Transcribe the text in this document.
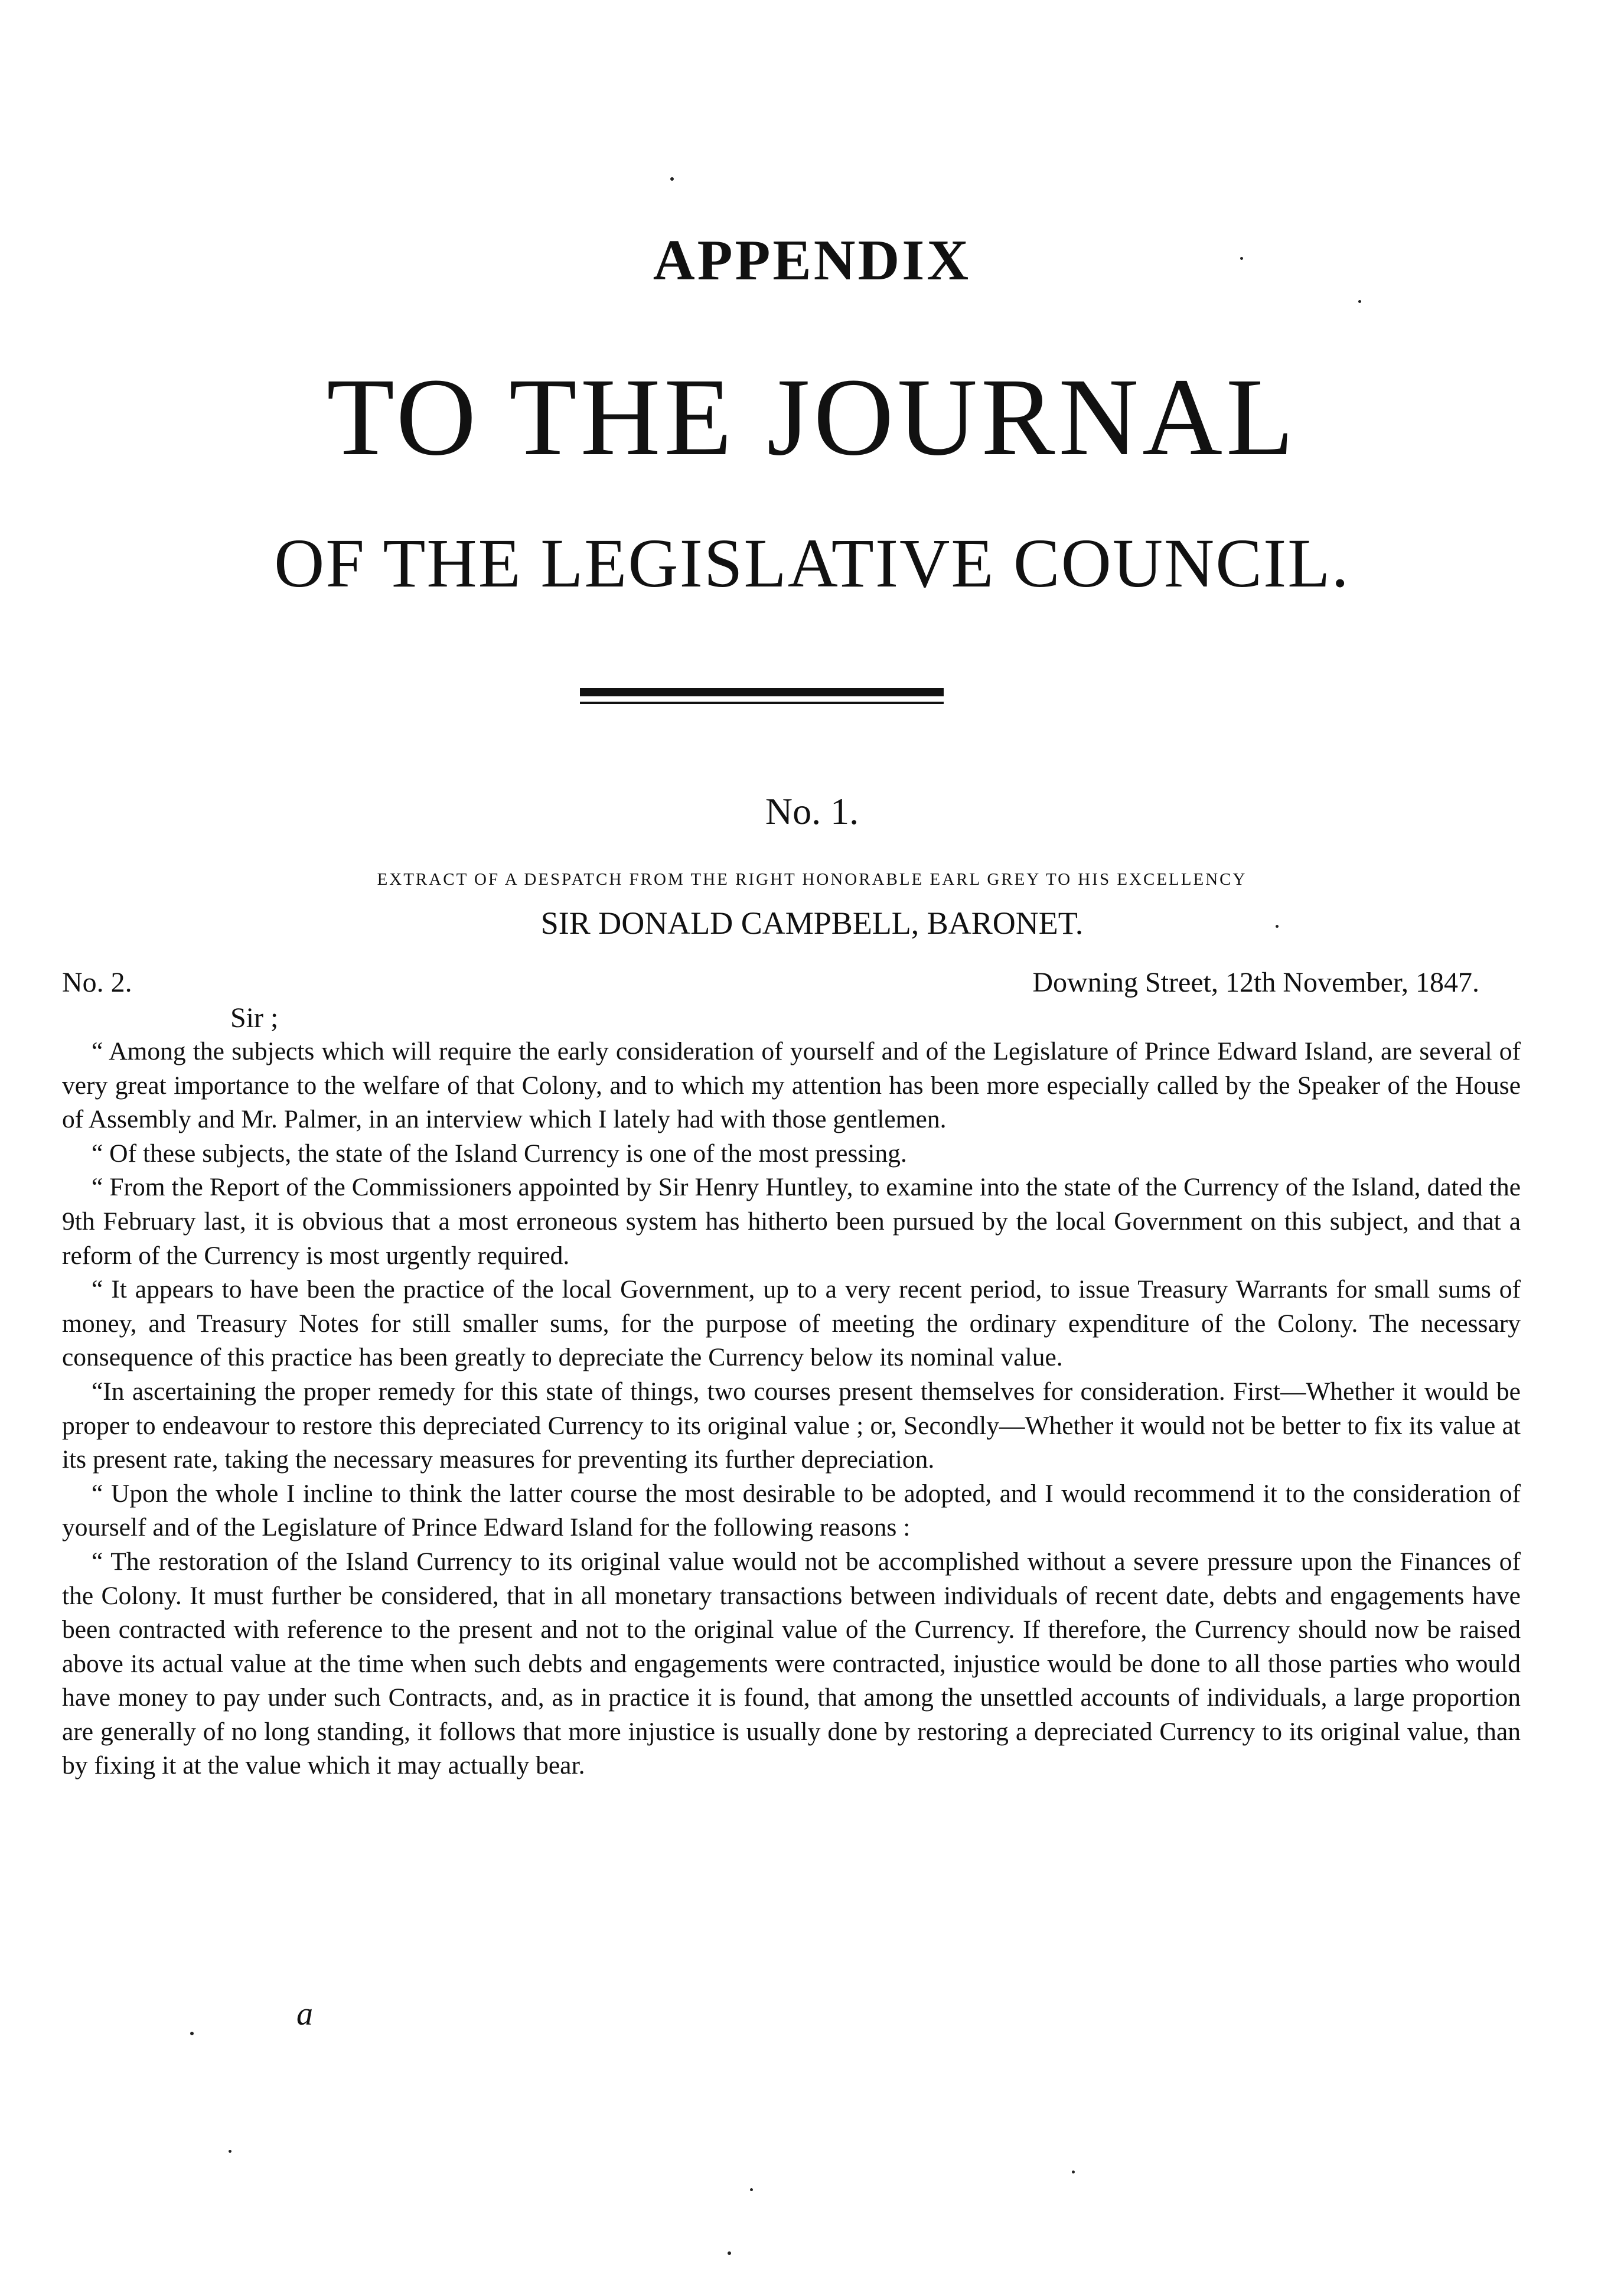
APPENDIX
TO THE JOURNAL
OF THE LEGISLATIVE COUNCIL.
No. 1.
EXTRACT OF A DESPATCH FROM THE RIGHT HONORABLE EARL GREY TO HIS EXCELLENCY
SIR DONALD CAMPBELL, BARONET.
No. 2.	Downing Street, 12th November, 1847.
Sir ;

“ Among the subjects which will require the early consideration of yourself and of the Legislature of Prince Edward Island, are several of very great importance to the welfare of that Colony, and to which my attention has been more especially called by the Speaker of the House of Assembly and Mr. Palmer, in an interview which I lately had with those gentlemen.

“ Of these subjects, the state of the Island Currency is one of the most pressing.

“ From the Report of the Commissioners appointed by Sir Henry Huntley, to examine into the state of the Currency of the Island, dated the 9th February last, it is obvious that a most erroneous system has hitherto been pursued by the local Government on this subject, and that a reform of the Currency is most urgently required.

“ It appears to have been the practice of the local Government, up to a very recent period, to issue Treasury Warrants for small sums of money, and Treasury Notes for still smaller sums, for the purpose of meeting the ordinary expenditure of the Colony. The necessary consequence of this practice has been greatly to depreciate the Currency below its nominal value.

“In ascertaining the proper remedy for this state of things, two courses present themselves for consideration. First—Whether it would be proper to endeavour to restore this depreciated Currency to its original value ; or, Secondly—Whether it would not be better to fix its value at its present rate, taking the necessary measures for preventing its further depreciation.

“ Upon the whole I incline to think the latter course the most desirable to be adopted, and I would recommend it to the consideration of yourself and of the Legislature of Prince Edward Island for the following reasons :

“ The restoration of the Island Currency to its original value would not be accomplished without a severe pressure upon the Finances of the Colony. It must further be considered, that in all monetary transactions between individuals of recent date, debts and engagements have been contracted with reference to the present and not to the original value of the Currency. If therefore, the Currency should now be raised above its actual value at the time when such debts and engagements were contracted, injustice would be done to all those parties who would have money to pay under such Contracts, and, as in practice it is found, that among the unsettled accounts of individuals, a large proportion are generally of no long standing, it follows that more injustice is usually done by restoring a depreciated Currency to its original value, than by fixing it at the value which it may actually bear.

a
